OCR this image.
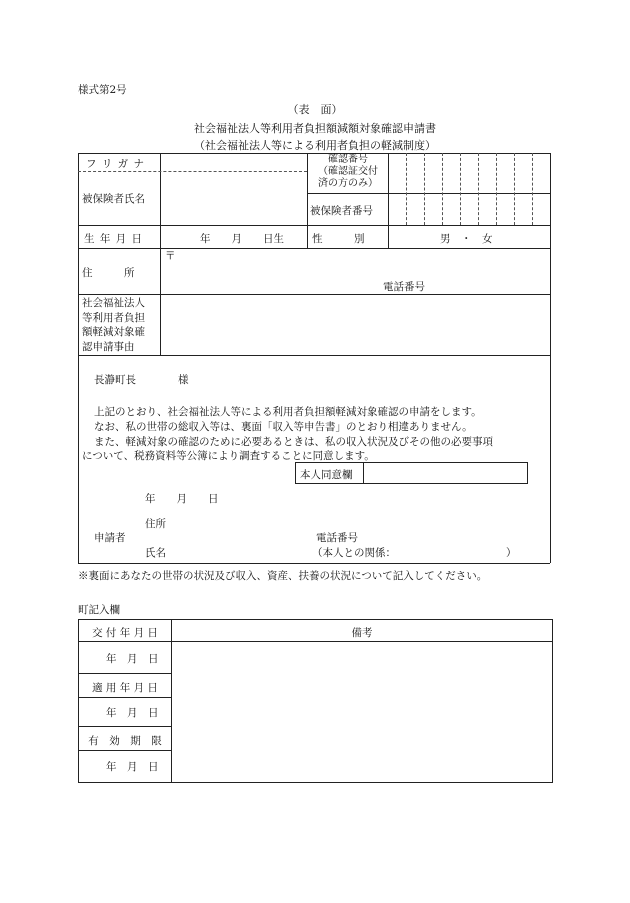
様式第2号
（表　面）
社会福祉法人等利用者負担額減額対象確認申請書
（社会福祉法人等による利用者負担の軽減制度）
フ リ ガ ナ
被保険者氏名
確認番号
（確認証交付
済の方のみ）
被保険者番号
生 年 月 日	年　　月　　日生	性　　　別	男　・　女
住　　　所
〒
電話番号
社会福祉法人
等利用者負担
額軽減対象確
認申請事由
長瀞町長　　　　様
上記のとおり、社会福祉法人等による利用者負担額軽減対象確認の申請をします。
なお、私の世帯の総収入等は、裏面「収入等申告書」のとおり相違ありません。
また、軽減対象の確認のために必要あるときは、私の収入状況及びその他の必要事項
について、税務資料等公簿により調査することに同意します。
本人同意欄
年　　月　　日
住所
申請者
氏名
電話番号
（本人との関係：	）
※裏面にあなたの世帯の状況及び収入、資産、扶養の状況について記入してください。
町記入欄
交 付 年 月 日	備考
年　月　日
適 用 年 月 日
年　月　日
有　効　期　限
年　月　日
